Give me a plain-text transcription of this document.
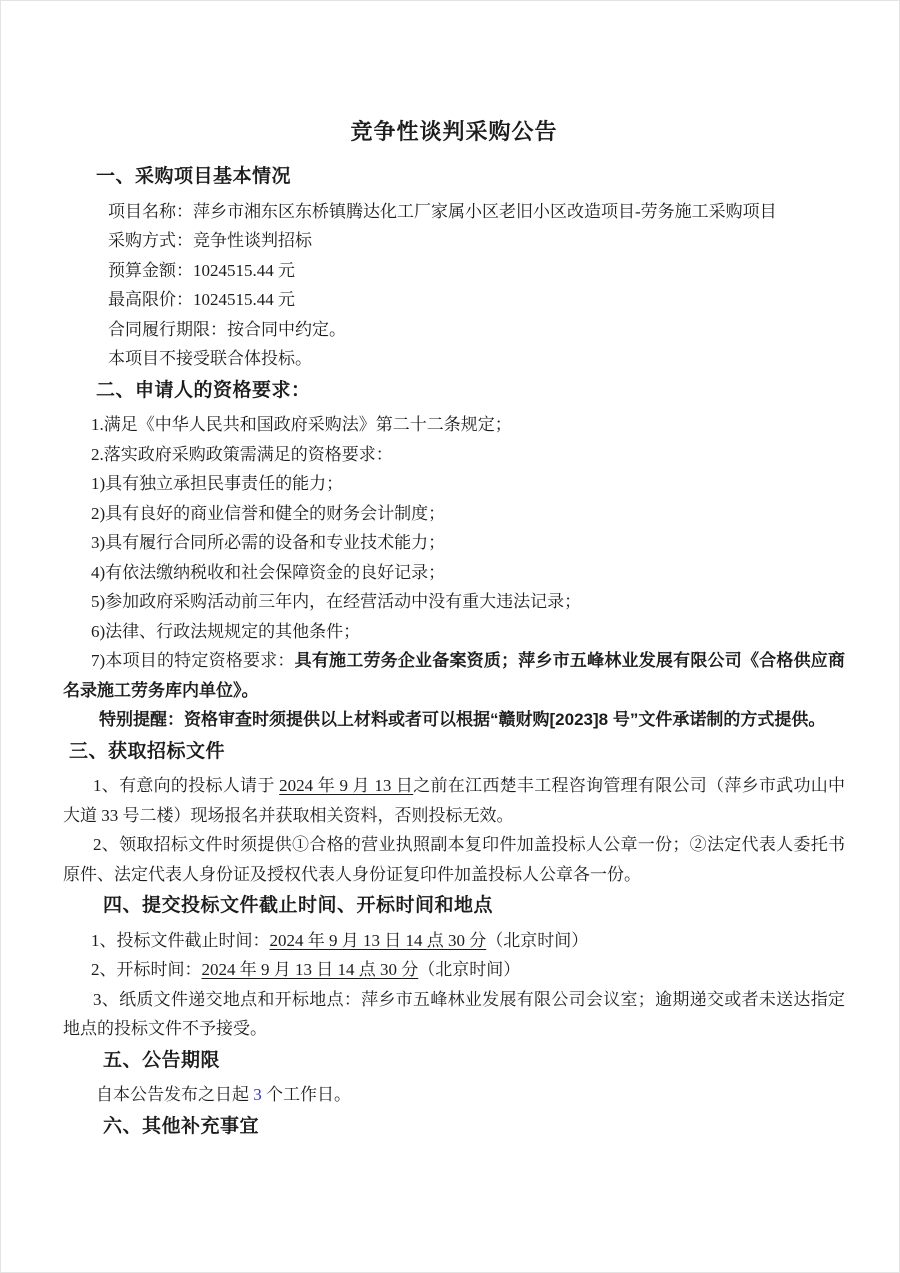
竞争性谈判采购公告
一、采购项目基本情况
项目名称：萍乡市湘东区东桥镇腾达化工厂家属小区老旧小区改造项目-劳务施工采购项目
采购方式：竞争性谈判招标
预算金额：1024515.44 元
最高限价：1024515.44 元
合同履行期限：按合同中约定。
本项目不接受联合体投标。
二、申请人的资格要求：
1.满足《中华人民共和国政府采购法》第二十二条规定；
2.落实政府采购政策需满足的资格要求：
1)具有独立承担民事责任的能力；
2)具有良好的商业信誉和健全的财务会计制度；
3)具有履行合同所必需的设备和专业技术能力；
4)有依法缴纳税收和社会保障资金的良好记录；
5)参加政府采购活动前三年内，在经营活动中没有重大违法记录；
6)法律、行政法规规定的其他条件；
7)本项目的特定资格要求：具有施工劳务企业备案资质；萍乡市五峰林业发展有限公司《合格供应商名录施工劳务库内单位》。
特别提醒：资格审查时须提供以上材料或者可以根据“赣财购[2023]8 号”文件承诺制的方式提供。
三、获取招标文件
1、有意向的投标人请于 2024 年 9 月 13 日之前在江西楚丰工程咨询管理有限公司（萍乡市武功山中大道 33 号二楼）现场报名并获取相关资料，否则投标无效。
2、领取招标文件时须提供①合格的营业执照副本复印件加盖投标人公章一份；②法定代表人委托书原件、法定代表人身份证及授权代表人身份证复印件加盖投标人公章各一份。
四、提交投标文件截止时间、开标时间和地点
1、投标文件截止时间：2024 年 9 月 13 日 14 点 30 分（北京时间）
2、开标时间：2024 年 9 月 13 日 14 点 30 分（北京时间）
3、纸质文件递交地点和开标地点：萍乡市五峰林业发展有限公司会议室；逾期递交或者未送达指定地点的投标文件不予接受。
五、公告期限
自本公告发布之日起 3 个工作日。
六、其他补充事宜
